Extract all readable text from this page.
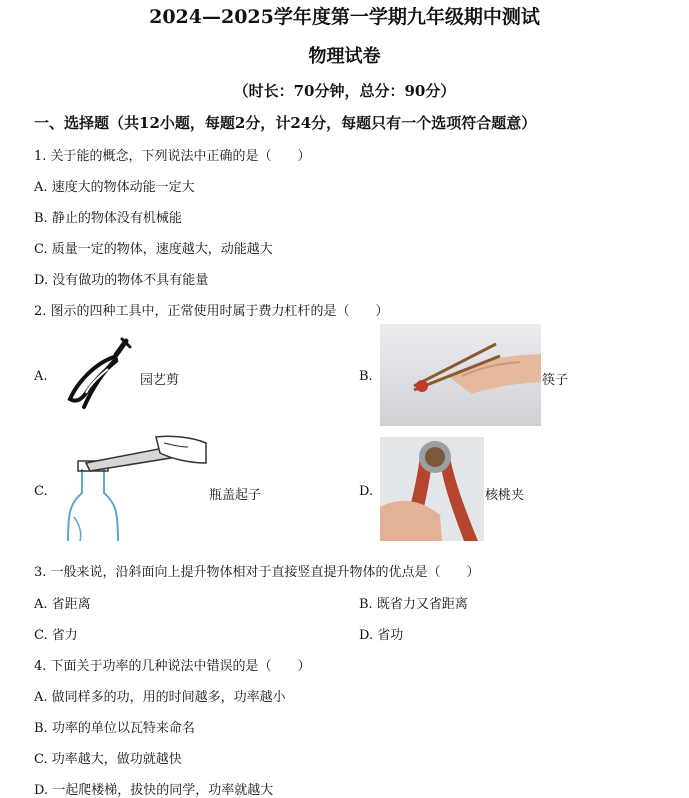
2024—2025学年度第一学期九年级期中测试
物理试卷
（时长：70分钟，总分：90分）
一、选择题（共12小题，每题2分，计24分，每题只有一个选项符合题意）
1. 关于能的概念，下列说法中正确的是（　　）
A. 速度大的物体动能一定大
B. 静止的物体没有机械能
C. 质量一定的物体，速度越大，动能越大
D. 没有做功的物体不具有能量
2. 图示的四种工具中，正常使用时属于费力杠杆的是（　　）
A.	园艺剪	B.	筷子
C.	瓶盖起子	D.	核桃夹
3. 一般来说，沿斜面向上提升物体相对于直接竖直提升物体的优点是（　　）
A. 省距离	B. 既省力又省距离
C. 省力	D. 省功
4. 下面关于功率的几种说法中错误的是（　　）
A. 做同样多的功，用的时间越多，功率越小
B. 功率的单位以瓦特来命名
C. 功率越大，做功就越快
D. 一起爬楼梯，拔快的同学，功率就越大
